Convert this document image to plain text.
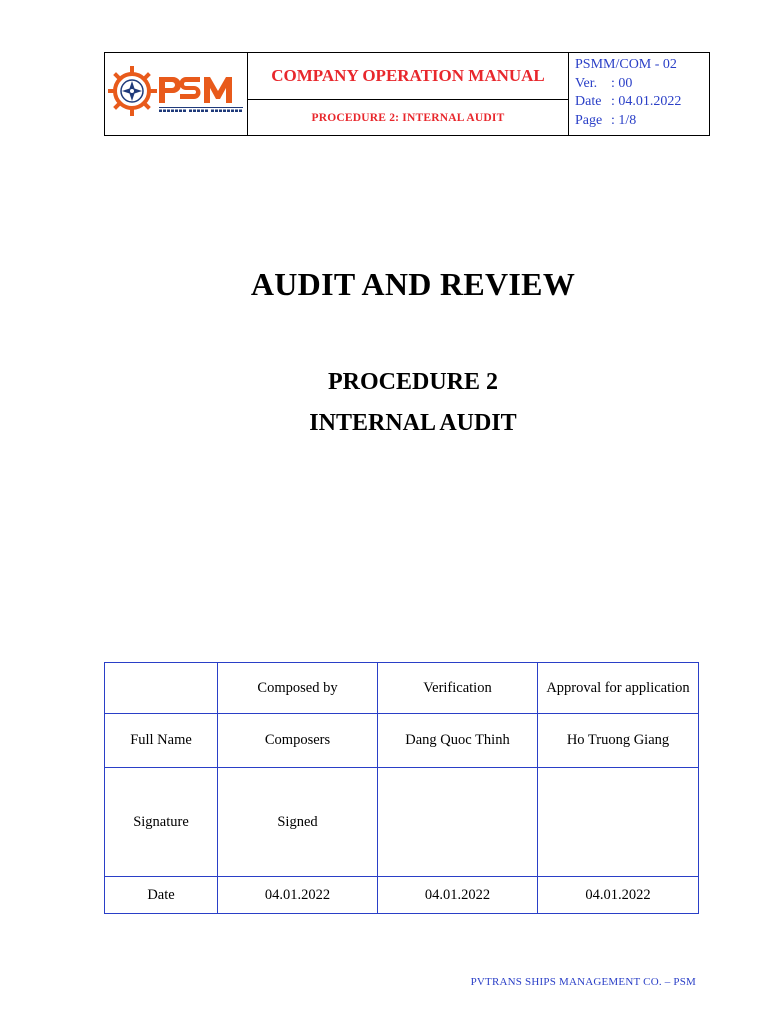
COMPANY OPERATION MANUAL
PROCEDURE 2: INTERNAL AUDIT
PSMM/COM - 02
Ver. : 00
Date : 04.01.2022
Page : 1/8
AUDIT AND REVIEW
PROCEDURE 2
INTERNAL AUDIT
	Composed by	Verification	Approval for application
Full Name	Composers	Dang Quoc Thinh	Ho Truong Giang
Signature	Signed		
Date	04.01.2022	04.01.2022	04.01.2022
PVTRANS SHIPS MANAGEMENT CO. – PSM
